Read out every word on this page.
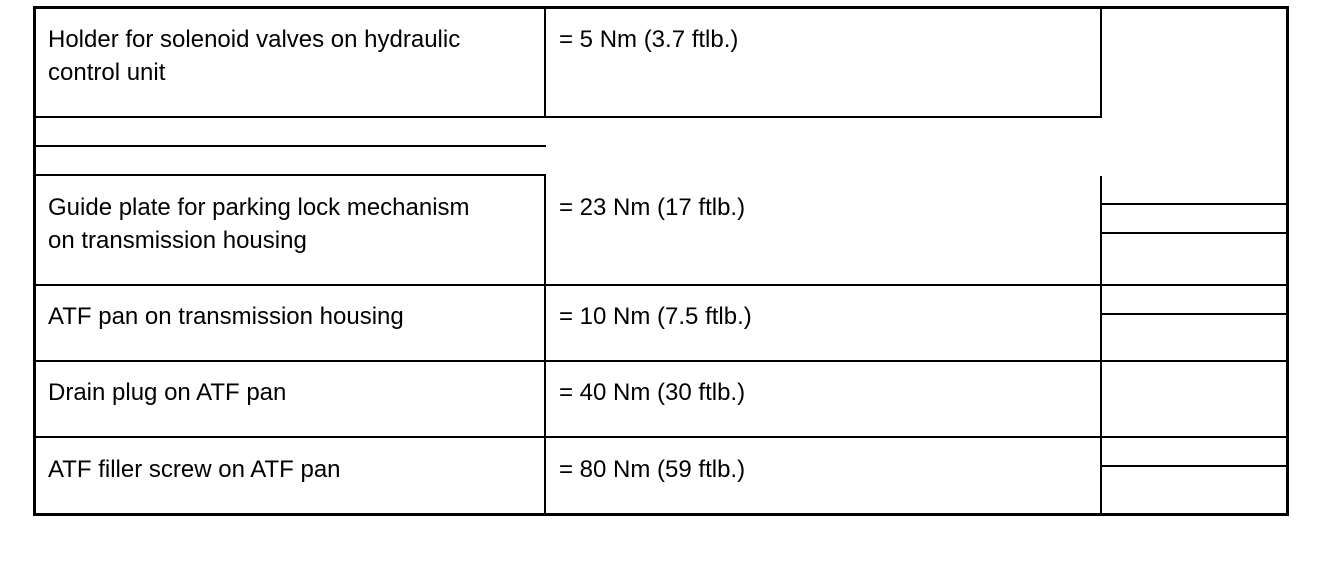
Holder for solenoid valves on hydraulic
control unit
= 5 Nm (3.7 ftlb.)
Guide plate for parking lock mechanism
on transmission housing
= 23 Nm (17 ftlb.)
ATF pan on transmission housing	= 10 Nm (7.5 ftlb.)
Drain plug on ATF pan	= 40 Nm (30 ftlb.)
ATF filler screw on ATF pan	= 80 Nm (59 ftlb.)
